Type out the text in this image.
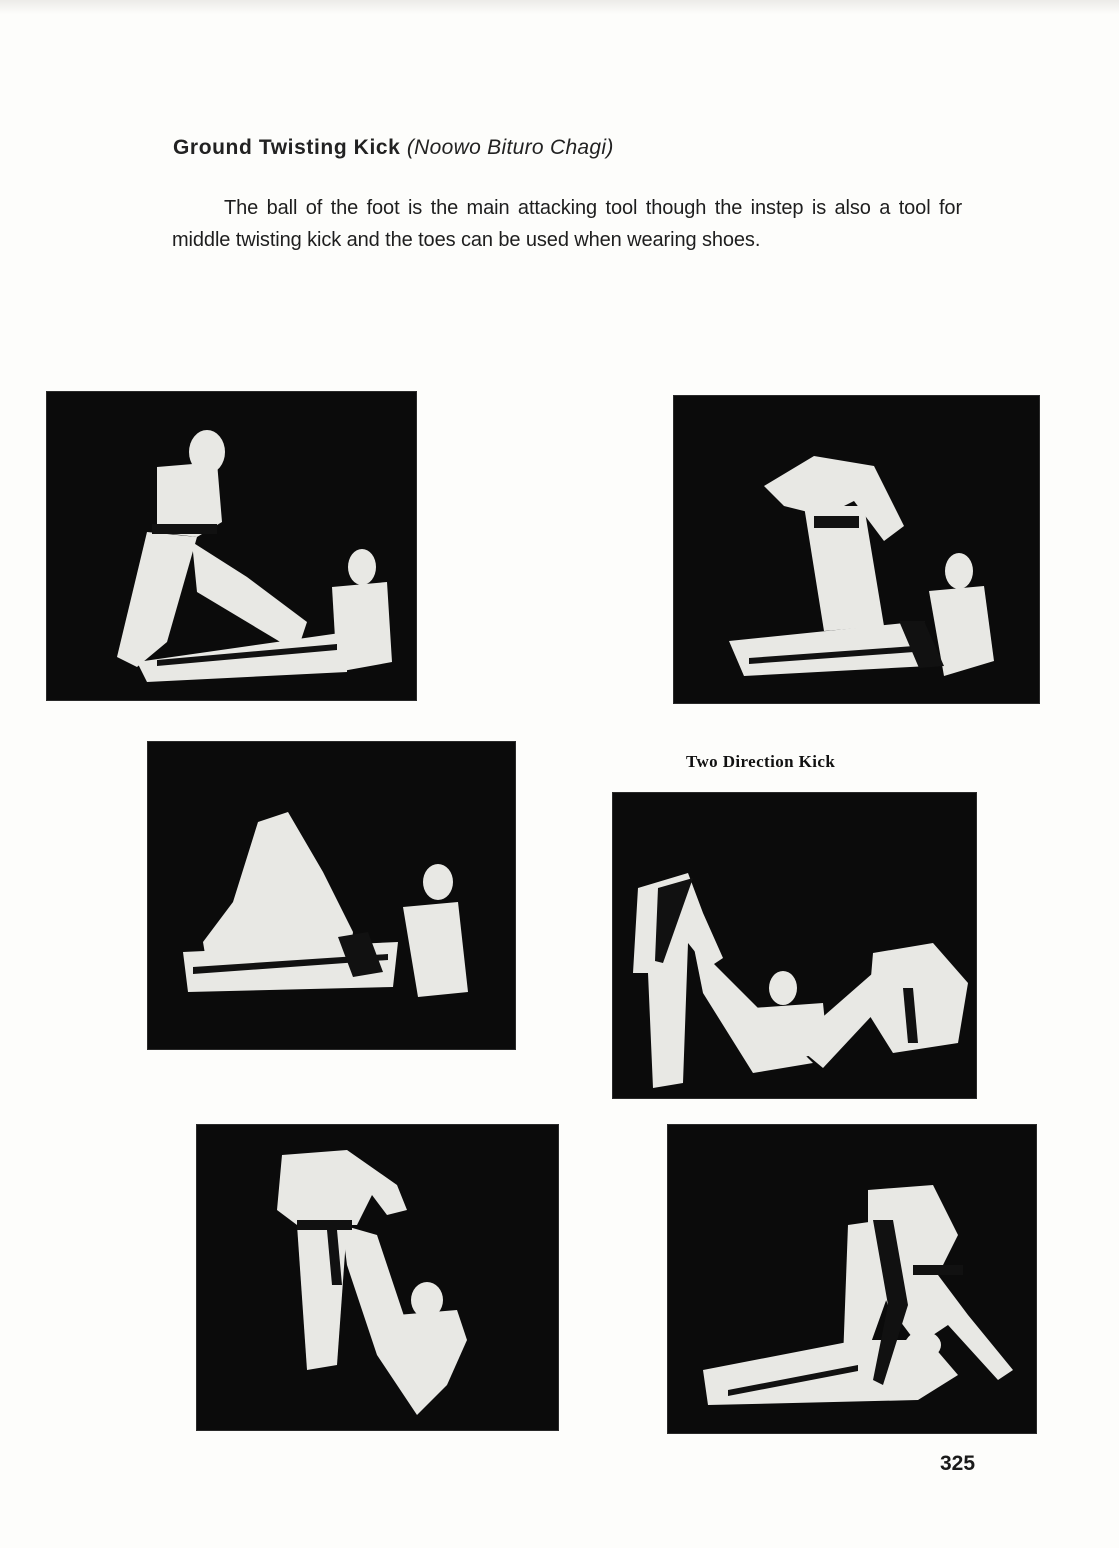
Ground Twisting Kick (Noowo Bituro Chagi)
The ball of the foot is the main attacking tool though the instep is also a tool for middle twisting kick and the toes can be used when wearing shoes.
Two Direction Kick
325
